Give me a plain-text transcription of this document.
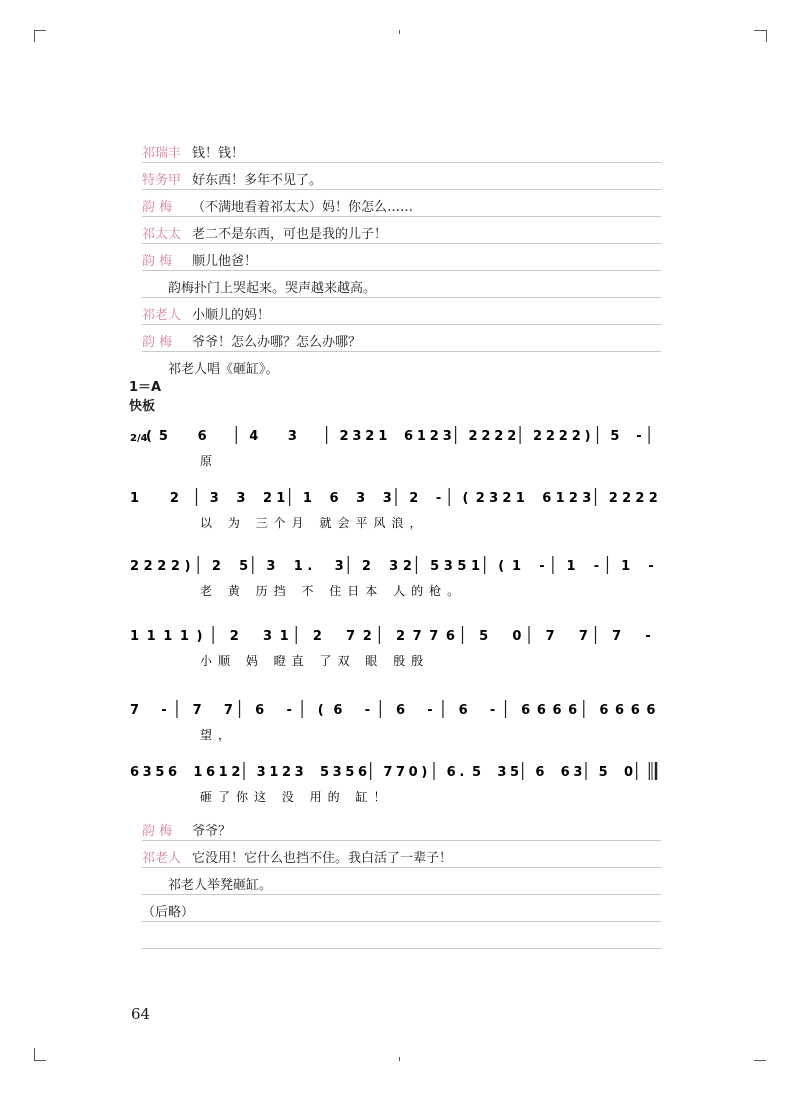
祁瑞丰 钱！钱！
特务甲 好东西！多年不见了。
韵 梅 （不满地看着祁太太）妈！你怎么……
祁太太 老二不是东西，可也是我的儿子！
韵 梅 顺儿他爸！
韵梅扑门上哭起来。哭声越来越高。
祁老人 小顺儿的妈！
韵 梅 爷爷！怎么办哪？怎么办哪？
祁老人唱《砸缸》。
1＝A
快板
2/4
( 5 6	4 3	2 3 2 1 6 1 2 3 2 2 2 2 2 2 2 2 ) 5 -
原
1 2 3 3 2 1 1 6 3 3 2 - ( 2 3 2 1 6 1 2 3 2 2 2 2
以 为 三个月 就会平风浪，
2 2 2 2 ) 2 5 3 1 . 3 2 3 2 5 3 5 1 ( 1 - 1 - 1 -
老 黄 历挡 不 住日本 人的枪。
1 1 1 1 ) 2 3 1 2 7 2 2 7 7 6 5 0 7 7 7 -
小顺 妈 瞪直 了双 眼 殷殷
7 - 7 7 6 - ( 6 - 6 - 6 - 6 6 6 6 6 6 6 6
望，
6 3 5 6 1 6 1 2 3 1 2 3 5 3 5 6 7 7 0 ) 6 . 5 3 5 6 6 3 5 0
砸了你这 没 用的 缸！
韵 梅 爷爷？
祁老人 它没用！它什么也挡不住。我白活了一辈子！
祁老人举凳砸缸。
（后略）
64
